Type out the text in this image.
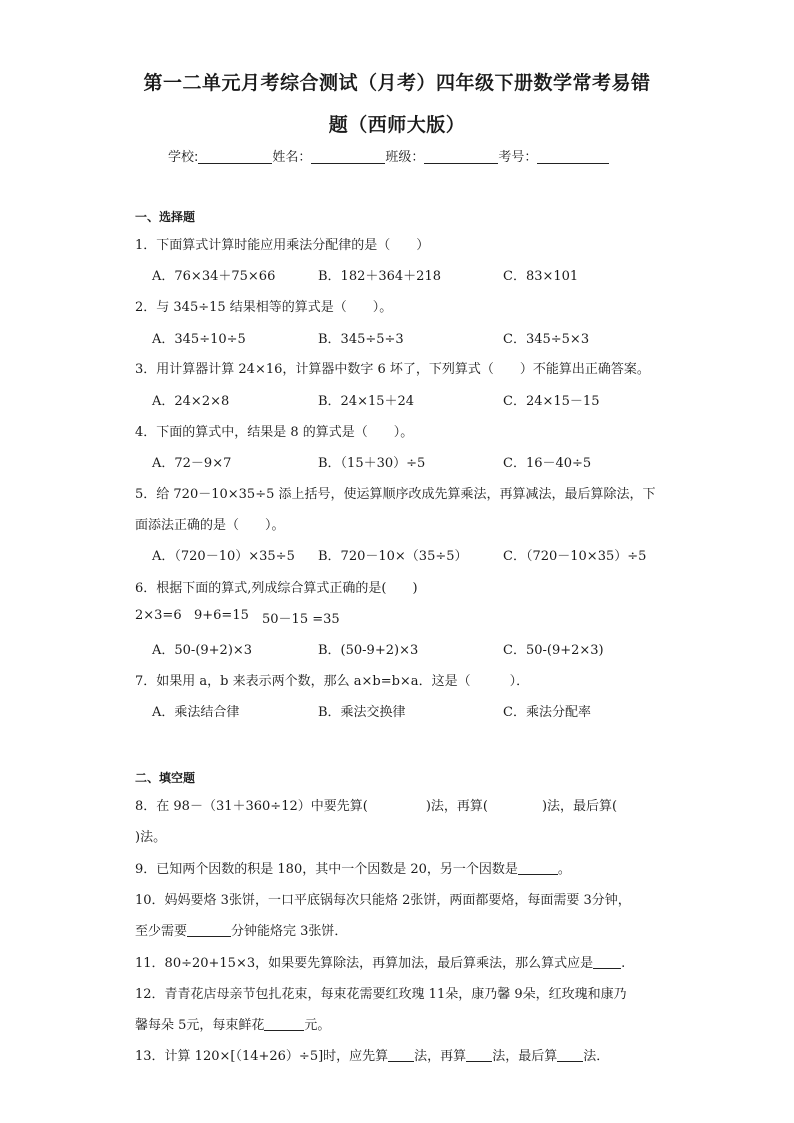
第一二单元月考综合测试（月考）四年级下册数学常考易错
题（西师大版）
学校:	姓名：	班级：	考号：
一、选择题
1．下面算式计算时能应用乘法分配律的是（　　）
A．76×34＋75×66	B．182＋364＋218	C．83×101
2．与 345÷15 结果相等的算式是（　　）。
A．345÷10÷5	B．345÷5÷3	C．345÷5×3
3．用计算器计算 24×16，计算器中数字 6 坏了，下列算式（　　）不能算出正确答案。
A．24×2×8	B．24×15＋24	C．24×15－15
4．下面的算式中，结果是 8 的算式是（　　）。
A．72－9×7	B．（15＋30）÷5	C．16－40÷5
5．给 720－10×35÷5 添上括号，使运算顺序改成先算乘法，再算减法，最后算除法，下
面添法正确的是（　　）。
A．（720－10）×35÷5 B．720－10×（35÷5）	C．（720－10×35）÷5
6．根据下面的算式,列成综合算式正确的是(　　)
2×3=6 9+6=15 50－15 =35
A．50-(9+2)×3	B．(50-9+2)×3	C．50-(9+2×3)
7．如果用 a，b 来表示两个数，那么 a×b=b×a．这是（　　　）．
A．乘法结合律	B．乘法交换律	C．乘法分配率
二、填空题
8．在 98－（31＋360÷12）中要先算(	)法，再算(	)法，最后算(
)法。
9．已知两个因数的积是 180，其中一个因数是 20，另一个因数是	。
10．妈妈要烙 3张饼，一口平底锅每次只能烙 2张饼，两面都要烙，每面需要 3分钟，
至少需要	分钟能烙完 3张饼．
11．80÷20+15×3，如果要先算除法，再算加法，最后算乘法，那么算式应是 .
12．青青花店母亲节包扎花束，每束花需要红玫瑰 11朵，康乃馨 9朵，红玫瑰和康乃
馨每朵 5元，每束鲜花	元。
13．计算 120×[（14+26）÷5]时，应先算 法，再算 法，最后算 法．
